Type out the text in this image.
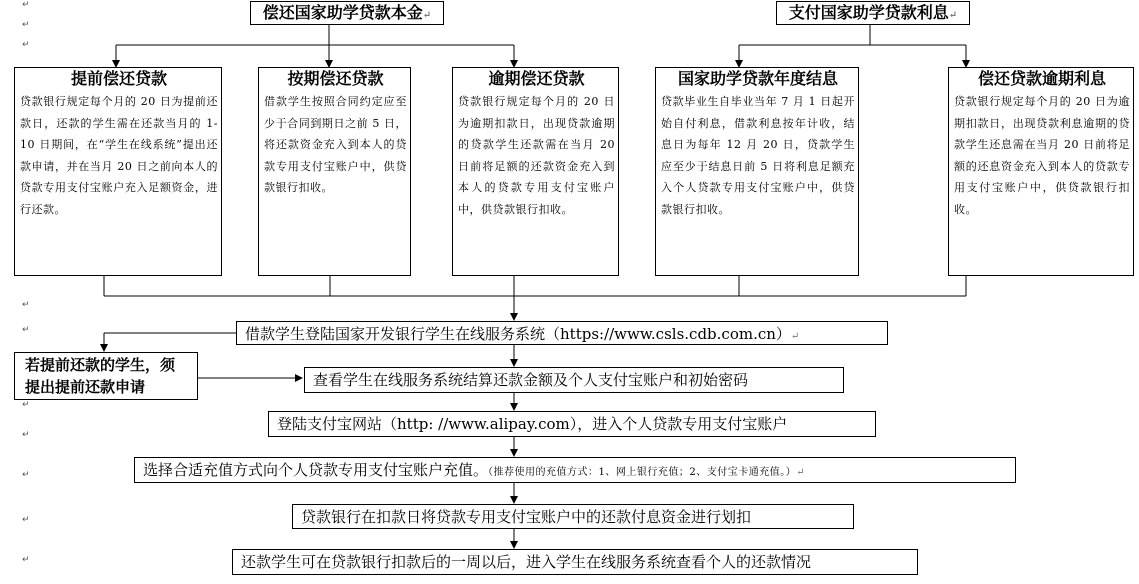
↵
↵
↵
↵
↵
↵
↵
↵
↵
↵
偿还国家助学贷款本金↵	支付国家助学贷款利息↵
提前偿还贷款
贷款银行规定每个月的 20 日为提前还款日，还款的学生需在还款当月的 1-10 日期间，在“学生在线系统”提出还款申请，并在当月 20 日之前向本人的贷款专用支付宝账户充入足额资金，进行还款。
按期偿还贷款
借款学生按照合同约定应至少于合同到期日之前 5 日，将还款资金充入到本人的贷款专用支付宝账户中，供贷款银行扣收。
逾期偿还贷款
贷款银行规定每个月的 20 日为逾期扣款日，出现贷款逾期的贷款学生还款需在当月 20 日前将足额的还款资金充入到本人的贷款专用支付宝账户中，供贷款银行扣收。
国家助学贷款年度结息
贷款毕业生自毕业当年 7 月 1 日起开始自付利息，借款利息按年计收，结息日为每年 12 月 20 日，贷款学生应至少于结息日前 5 日将利息足额充入个人贷款专用支付宝账户中，供贷款银行扣收。
偿还贷款逾期利息
贷款银行规定每个月的 20 日为逾期扣款日，出现贷款利息逾期的贷款学生还息需在当月 20 日前将足额的还息资金充入到本人的贷款专用支付宝账户中，供贷款银行扣收。
借款学生登陆国家开发银行学生在线服务系统（https://www.csls.cdb.com.cn）↵
若提前还款的学生，须提出提前还款申请	查看学生在线服务系统结算还款金额及个人支付宝账户和初始密码
登陆支付宝网站（http: //www.alipay.com），进入个人贷款专用支付宝账户
选择合适充值方式向个人贷款专用支付宝账户充值。（推荐使用的充值方式：1、网上银行充值；2、支付宝卡通充值。）↵
贷款银行在扣款日将贷款专用支付宝账户中的还款付息资金进行划扣
还款学生可在贷款银行扣款后的一周以后，进入学生在线服务系统查看个人的还款情况
